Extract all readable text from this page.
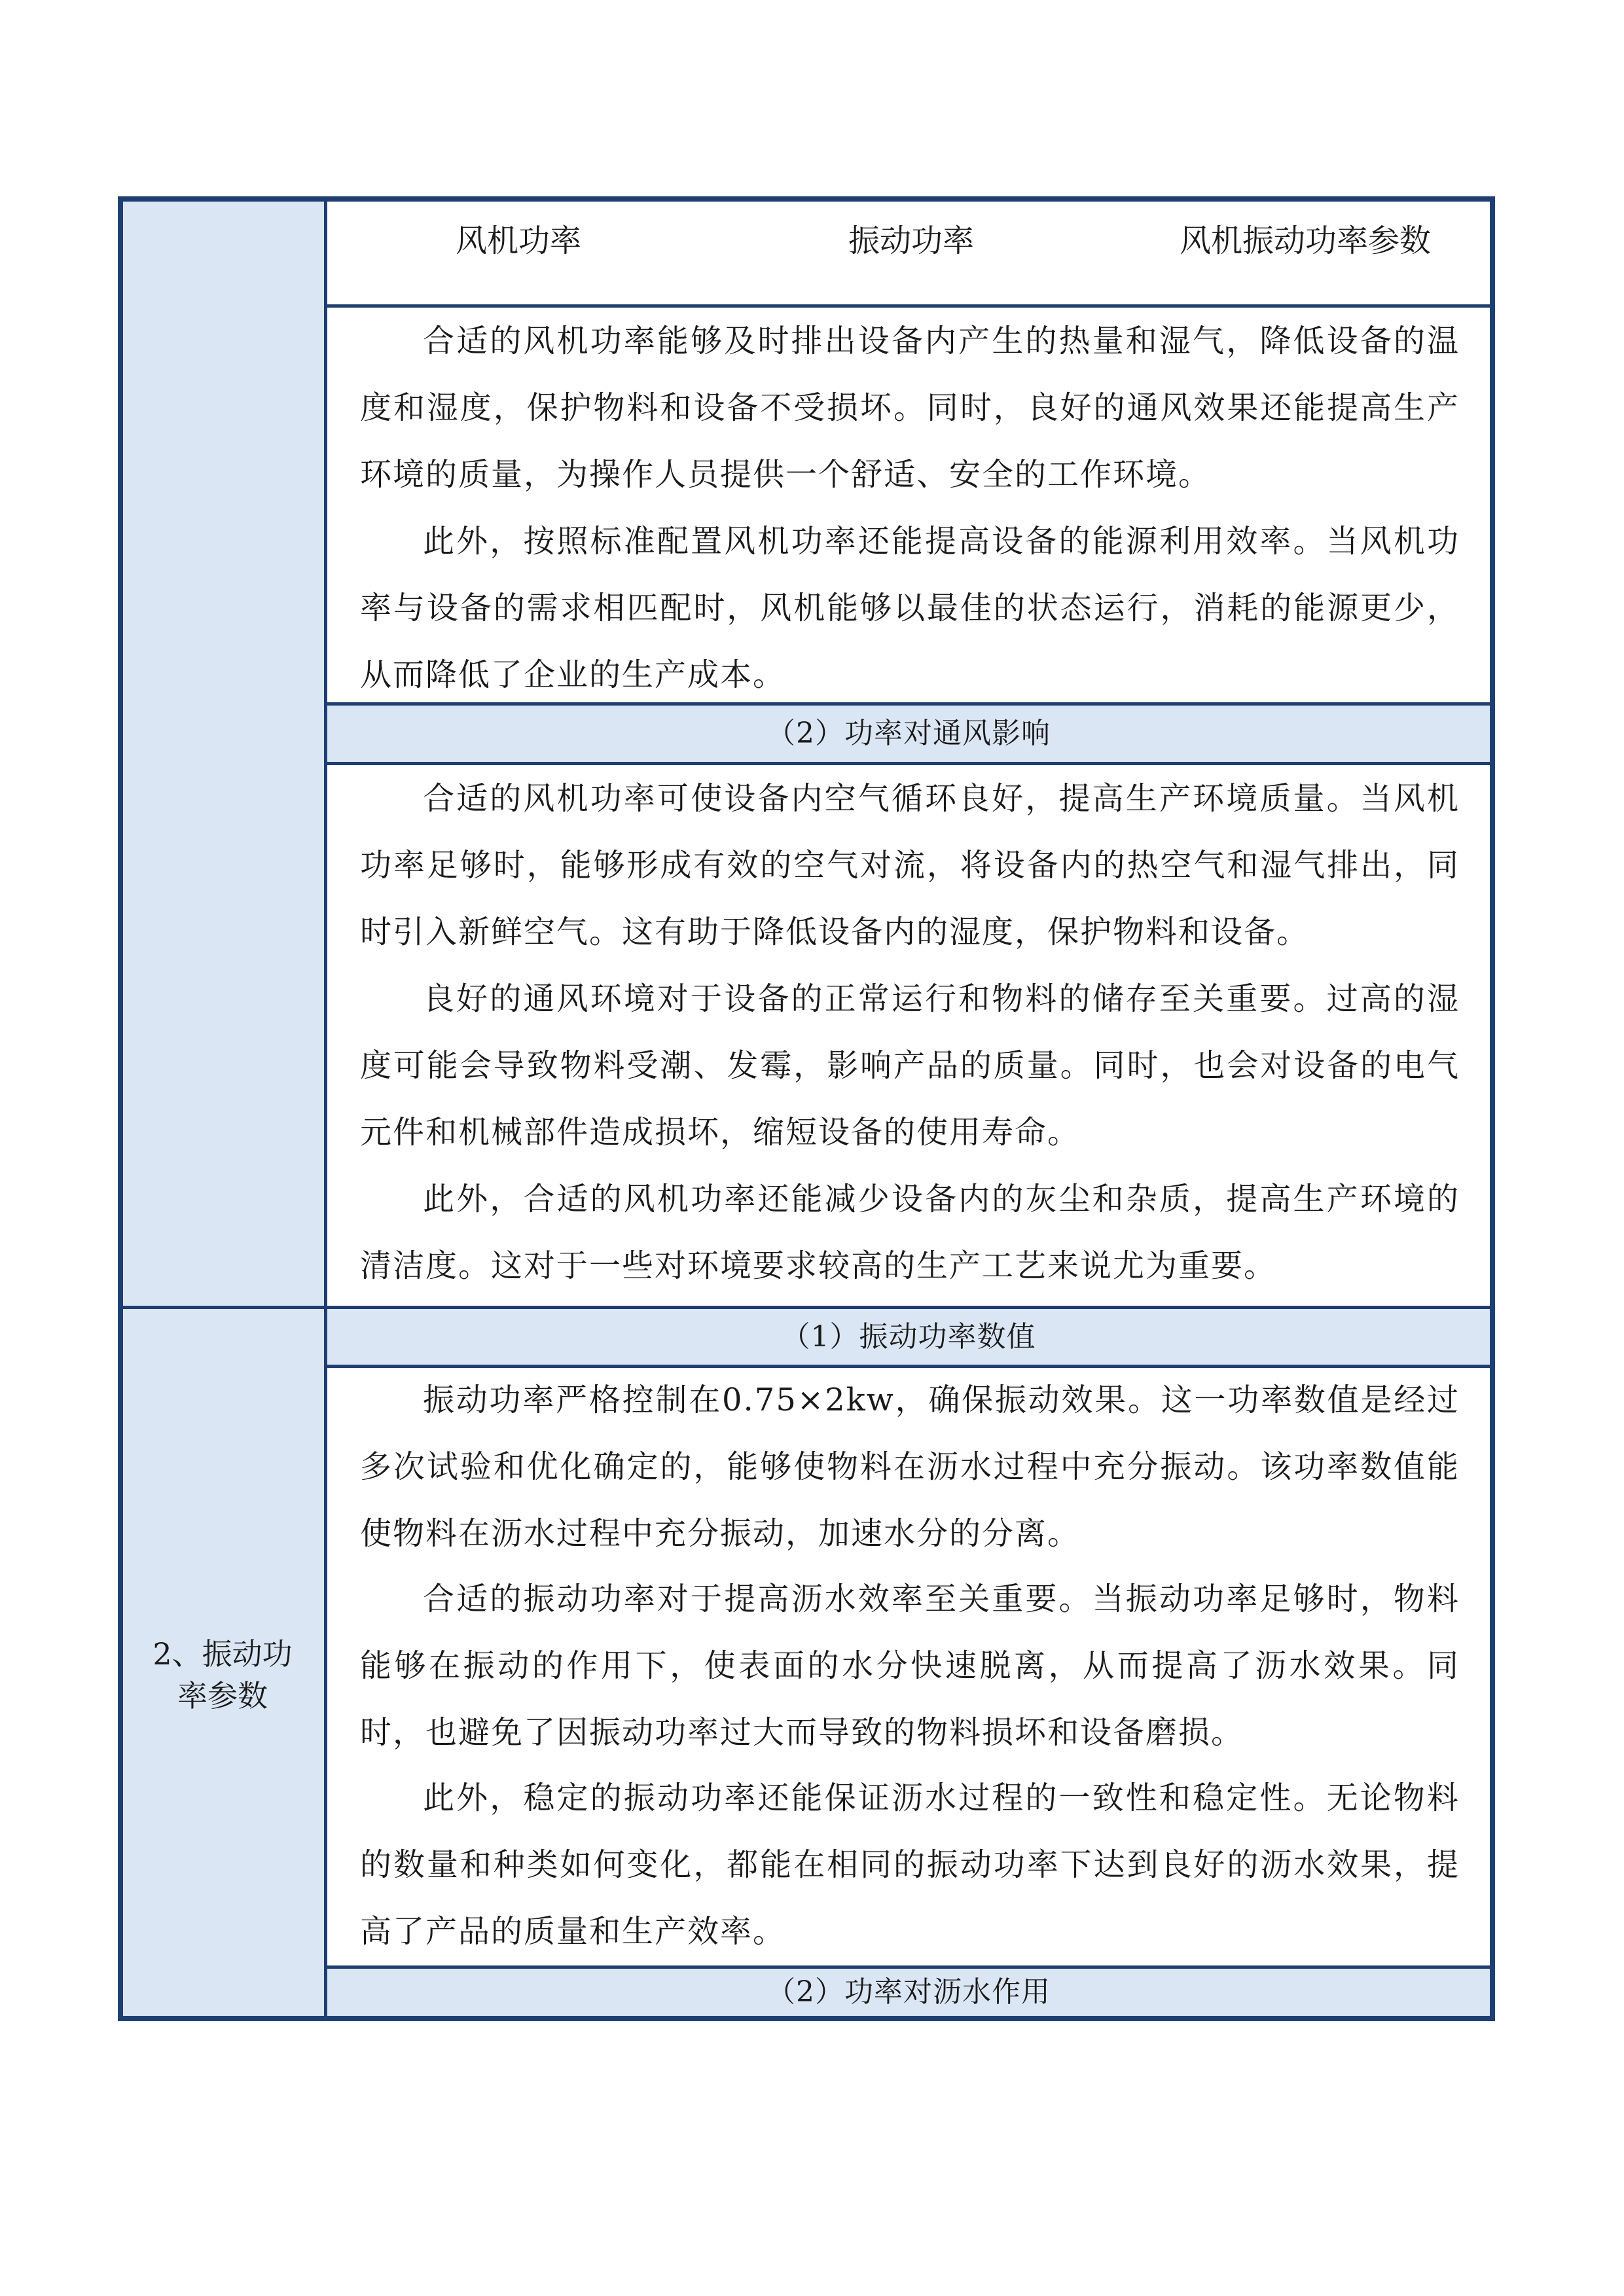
2、振动功
率参数
风机功率	振动功率	风机振动功率参数

合适的风机功率能够及时排出设备内产生的热量和湿气，降低设备的温度和湿度，保护物料和设备不受损坏。同时，良好的通风效果还能提高生产环境的质量，为操作人员提供一个舒适、安全的工作环境。

此外，按照标准配置风机功率还能提高设备的能源利用效率。当风机功率与设备的需求相匹配时，风机能够以最佳的状态运行，消耗的能源更少，从而降低了企业的生产成本。

（2）功率对通风影响

合适的风机功率可使设备内空气循环良好，提高生产环境质量。当风机功率足够时，能够形成有效的空气对流，将设备内的热空气和湿气排出，同时引入新鲜空气。这有助于降低设备内的湿度，保护物料和设备。

良好的通风环境对于设备的正常运行和物料的储存至关重要。过高的湿度可能会导致物料受潮、发霉，影响产品的质量。同时，也会对设备的电气元件和机械部件造成损坏，缩短设备的使用寿命。

此外，合适的风机功率还能减少设备内的灰尘和杂质，提高生产环境的清洁度。这对于一些对环境要求较高的生产工艺来说尤为重要。

（1）振动功率数值

振动功率严格控制在0.75×2kw，确保振动效果。这一功率数值是经过多次试验和优化确定的，能够使物料在沥水过程中充分振动。该功率数值能使物料在沥水过程中充分振动，加速水分的分离。

合适的振动功率对于提高沥水效率至关重要。当振动功率足够时，物料能够在振动的作用下，使表面的水分快速脱离，从而提高了沥水效果。同时，也避免了因振动功率过大而导致的物料损坏和设备磨损。

此外，稳定的振动功率还能保证沥水过程的一致性和稳定性。无论物料的数量和种类如何变化，都能在相同的振动功率下达到良好的沥水效果，提高了产品的质量和生产效率。

（2）功率对沥水作用
